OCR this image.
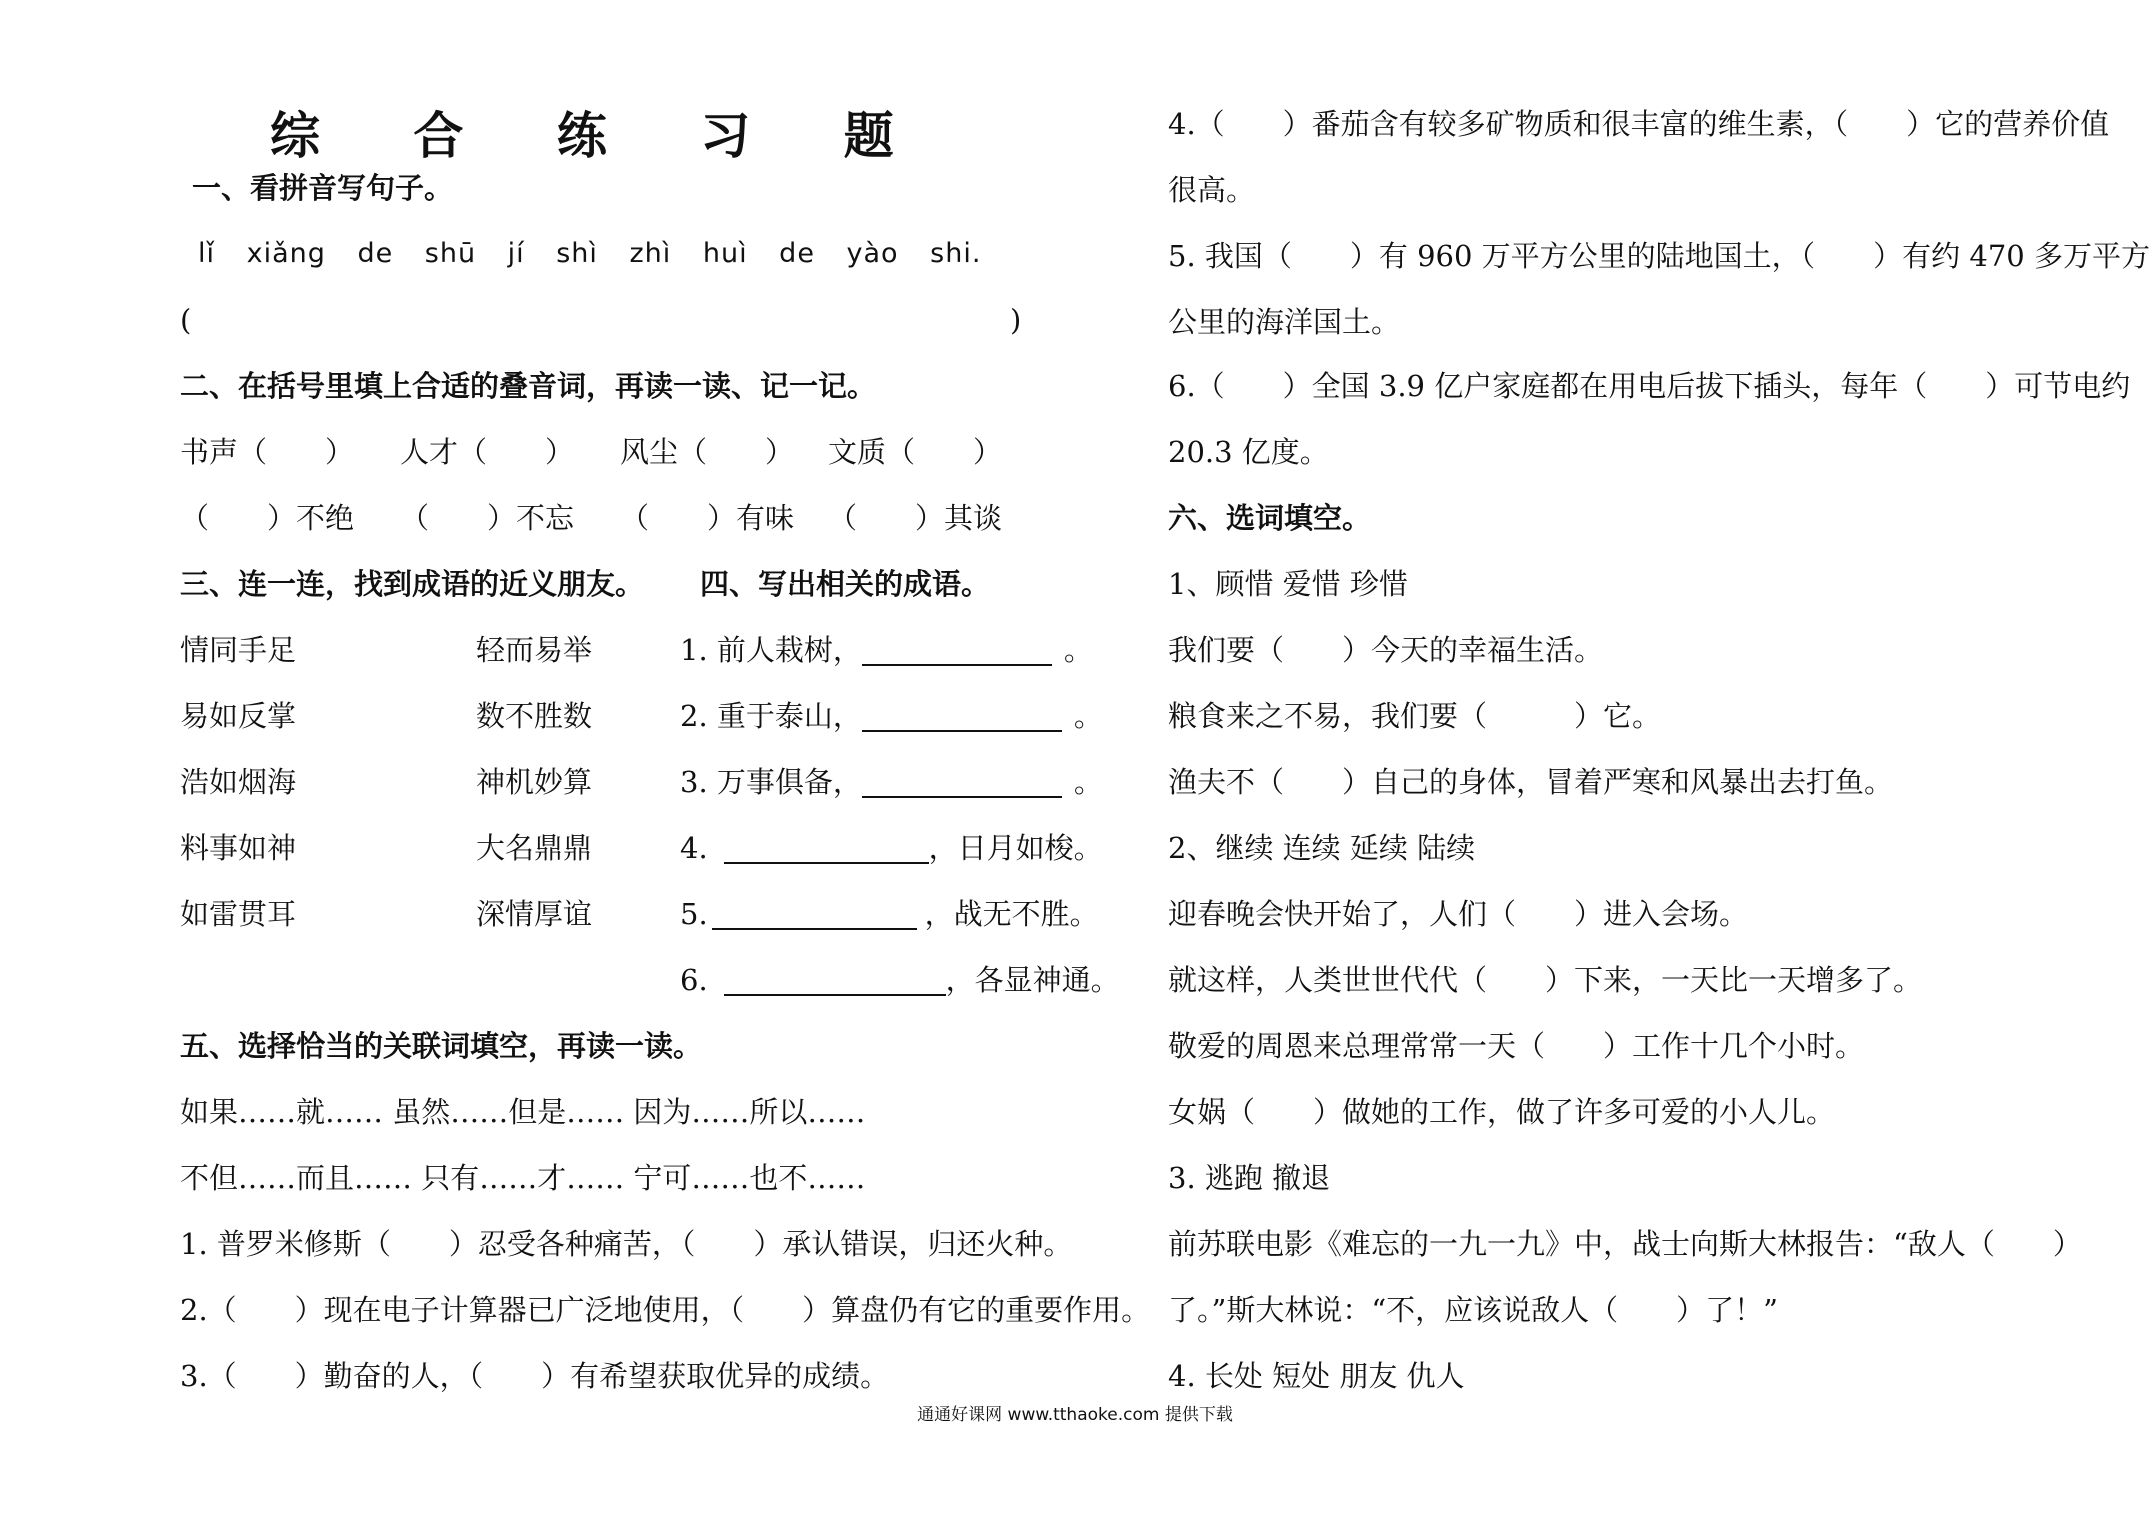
综 合 练 习 题
一、看拼音写句子。
lǐ xiǎng de shū jí shì zhì huì de yào shi.
(	)
二、在括号里填上合适的叠音词，再读一读、记一记。
书声（　　） 人才（　　） 风尘（　　） 文质（　　）
（　　）不绝 （　　）不忘 （　　）有味 （　　）其谈
三、连一连，找到成语的近义朋友。 四、写出相关的成语。
情同手足
易如反掌
浩如烟海
料事如神
如雷贯耳
轻而易举
数不胜数
神机妙算
大名鼎鼎
深情厚谊
1. 前人栽树，	。
2. 重于泰山，	。
3. 万事俱备，	。
4.	，日月如梭。
5.	，战无不胜。
6.	，各显神通。
五、选择恰当的关联词填空，再读一读。
如果……就…… 虽然……但是…… 因为……所以……
不但……而且…… 只有……才…… 宁可……也不……
1. 普罗米修斯（　　）忍受各种痛苦，（　　）承认错误，归还火种。
2.（　　）现在电子计算器已广泛地使用，（　　）算盘仍有它的重要作用。
3.（　　）勤奋的人，（　　）有希望获取优异的成绩。
4.（　　）番茄含有较多矿物质和很丰富的维生素，（　　）它的营养价值
很高。
5. 我国（　　）有 960 万平方公里的陆地国土，（　　）有约 470 多万平方
公里的海洋国土。
6.（　　）全国 3.9 亿户家庭都在用电后拔下插头，每年（　　）可节电约
20.3 亿度。
六、选词填空。
1、顾惜 爱惜 珍惜
我们要（　　）今天的幸福生活。
粮食来之不易，我们要（　　　）它。
渔夫不（　　）自己的身体，冒着严寒和风暴出去打鱼。
2、继续 连续 延续 陆续
迎春晚会快开始了，人们（　　）进入会场。
就这样，人类世世代代（　　）下来，一天比一天增多了。
敬爱的周恩来总理常常一天（　　）工作十几个小时。
女娲（　　）做她的工作，做了许多可爱的小人儿。
3. 逃跑 撤退
前苏联电影《难忘的一九一九》中，战士向斯大林报告：“敌人（　　）
了。”斯大林说：“不，应该说敌人（　　）了！”
4. 长处 短处 朋友 仇人
通通好课网 www.tthaoke.com 提供下载
